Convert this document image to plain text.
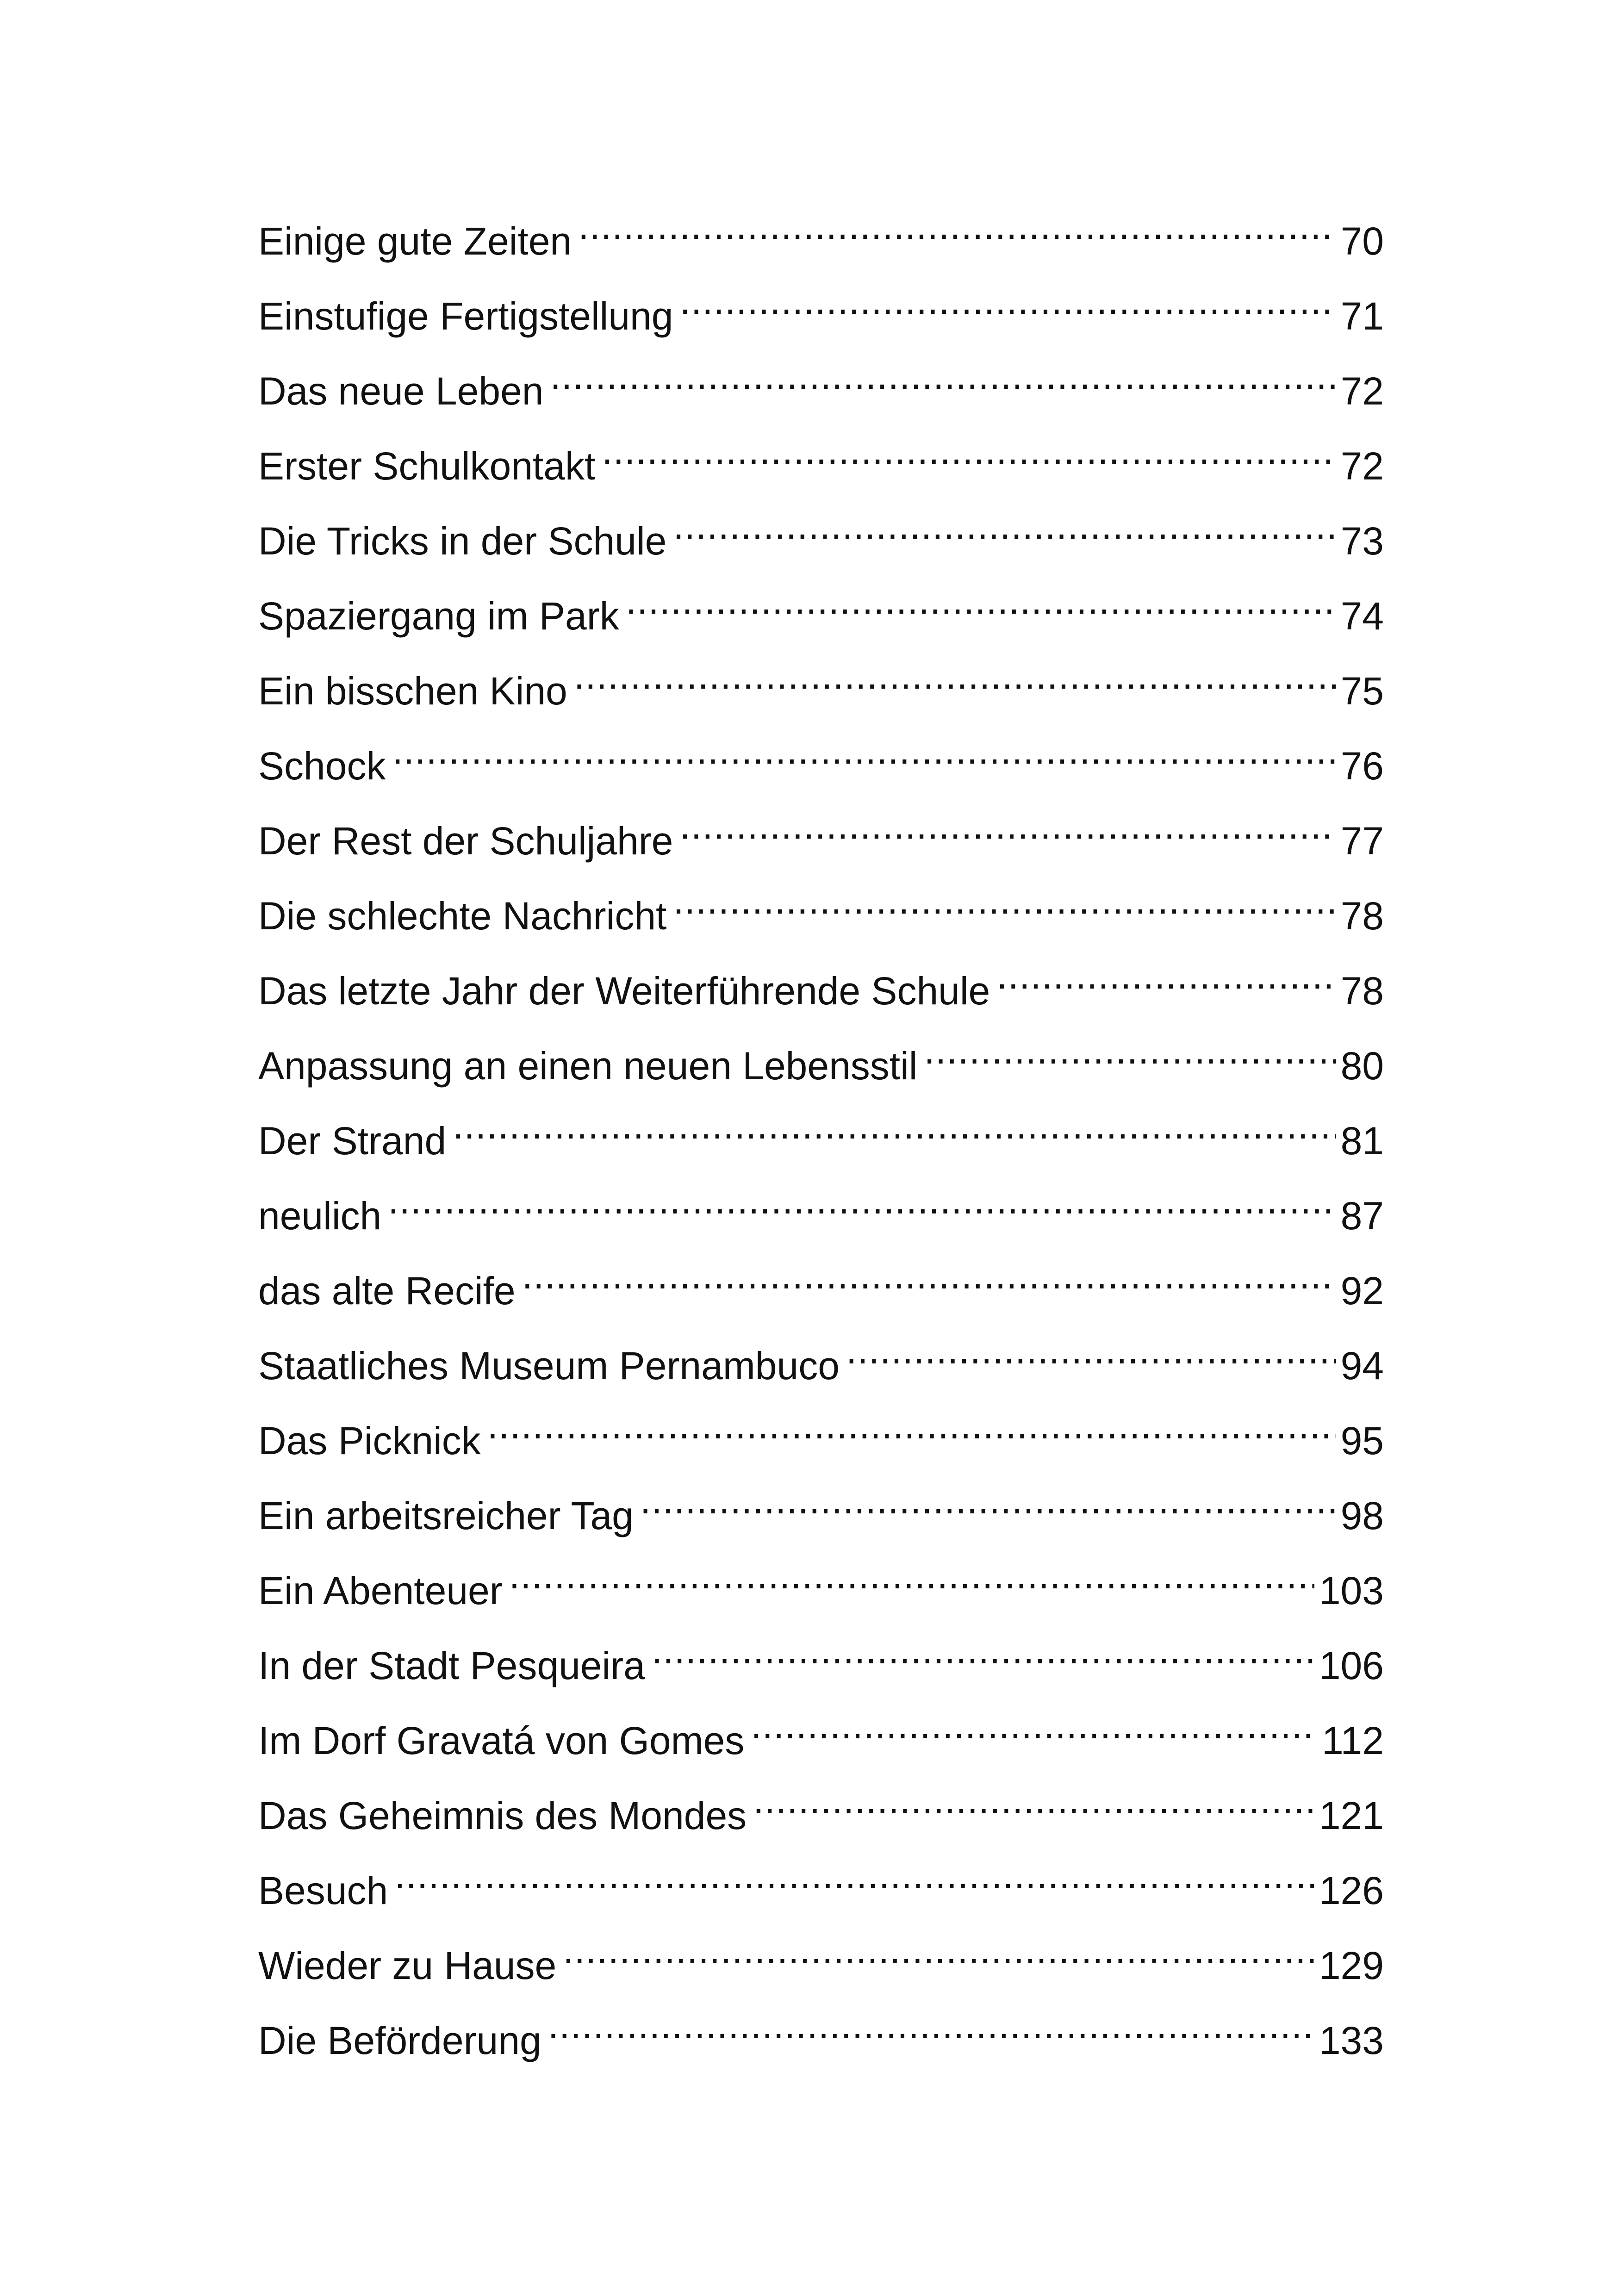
Einige gute Zeiten .....	70
Einstufige Fertigstellung .....	71
Das neue Leben .....	72
Erster Schulkontakt .....	72
Die Tricks in der Schule .....	73
Spaziergang im Park .....	74
Ein bisschen Kino .....	75
Schock .....	76
Der Rest der Schuljahre .....	77
Die schlechte Nachricht .....	78
Das letzte Jahr der Weiterführende Schule .....	78
Anpassung an einen neuen Lebensstil .....	80
Der Strand .....	81
neulich .....	87
das alte Recife .....	92
Staatliches Museum Pernambuco .....	94
Das Picknick .....	95
Ein arbeitsreicher Tag .....	98
Ein Abenteuer .....	103
In der Stadt Pesqueira .....	106
Im Dorf Gravatá von Gomes .....	112
Das Geheimnis des Mondes .....	121
Besuch .....	126
Wieder zu Hause .....	129
Die Beförderung .....	133
